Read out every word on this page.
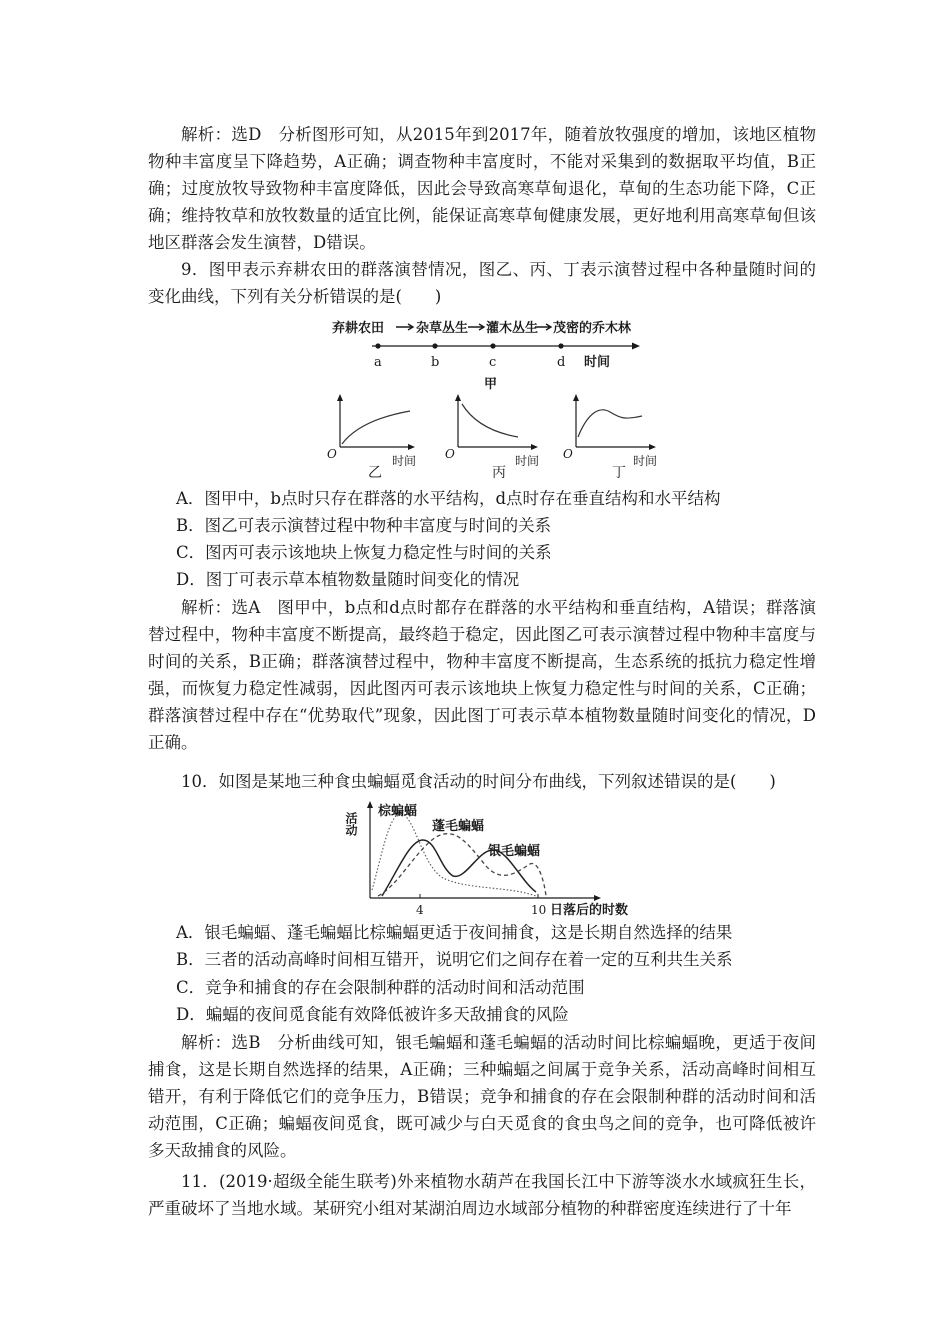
解析：选D　分析图形可知，从2015年到2017年，随着放牧强度的增加，该地区植物物种丰富度呈下降趋势，A正确；调查物种丰富度时，不能对采集到的数据取平均值，B正确；过度放牧导致物种丰富度降低，因此会导致高寒草甸退化，草甸的生态功能下降，C正确；维持牧草和放牧数量的适宜比例，能保证高寒草甸健康发展，更好地利用高寒草甸但该地区群落会发生演替，D错误。

9．图甲表示弃耕农田的群落演替情况，图乙、丙、丁表示演替过程中各种量随时间的变化曲线，下列有关分析错误的是(　　)

弃耕农田 杂草丛生 灌木丛生 茂密的乔木林
a	b	c	d 时间
甲
O	时间
乙
O	时间
丙
O	时间
丁

A．图甲中，b点时只存在群落的水平结构，d点时存在垂直结构和水平结构

B．图乙可表示演替过程中物种丰富度与时间的关系

C．图丙可表示该地块上恢复力稳定性与时间的关系

D．图丁可表示草本植物数量随时间变化的情况

解析：选A　图甲中，b点和d点时都存在群落的水平结构和垂直结构，A错误；群落演替过程中，物种丰富度不断提高，最终趋于稳定，因此图乙可表示演替过程中物种丰富度与时间的关系，B正确；群落演替过程中，物种丰富度不断提高，生态系统的抵抗力稳定性增强，而恢复力稳定性减弱，因此图丙可表示该地块上恢复力稳定性与时间的关系，C正确；群落演替过程中存在“优势取代”现象，因此图丁可表示草本植物数量随时间变化的情况，D正确。

10．如图是某地三种食虫蝙蝠觅食活动的时间分布曲线，下列叙述错误的是(　　)

活动
棕蝙蝠
蓬毛蝙蝠
银毛蝙蝠
4	10 日落后的时数

A．银毛蝙蝠、蓬毛蝙蝠比棕蝙蝠更适于夜间捕食，这是长期自然选择的结果

B．三者的活动高峰时间相互错开，说明它们之间存在着一定的互利共生关系

C．竞争和捕食的存在会限制种群的活动时间和活动范围

D．蝙蝠的夜间觅食能有效降低被许多天敌捕食的风险

解析：选B　分析曲线可知，银毛蝙蝠和蓬毛蝙蝠的活动时间比棕蝙蝠晚，更适于夜间捕食，这是长期自然选择的结果，A正确；三种蝙蝠之间属于竞争关系，活动高峰时间相互错开，有利于降低它们的竞争压力，B错误；竞争和捕食的存在会限制种群的活动时间和活动范围，C正确；蝙蝠夜间觅食，既可减少与白天觅食的食虫鸟之间的竞争，也可降低被许多天敌捕食的风险。

11．(2019·超级全能生联考)外来植物水葫芦在我国长江中下游等淡水水域疯狂生长，严重破坏了当地水域。某研究小组对某湖泊周边水域部分植物的种群密度连续进行了十年
